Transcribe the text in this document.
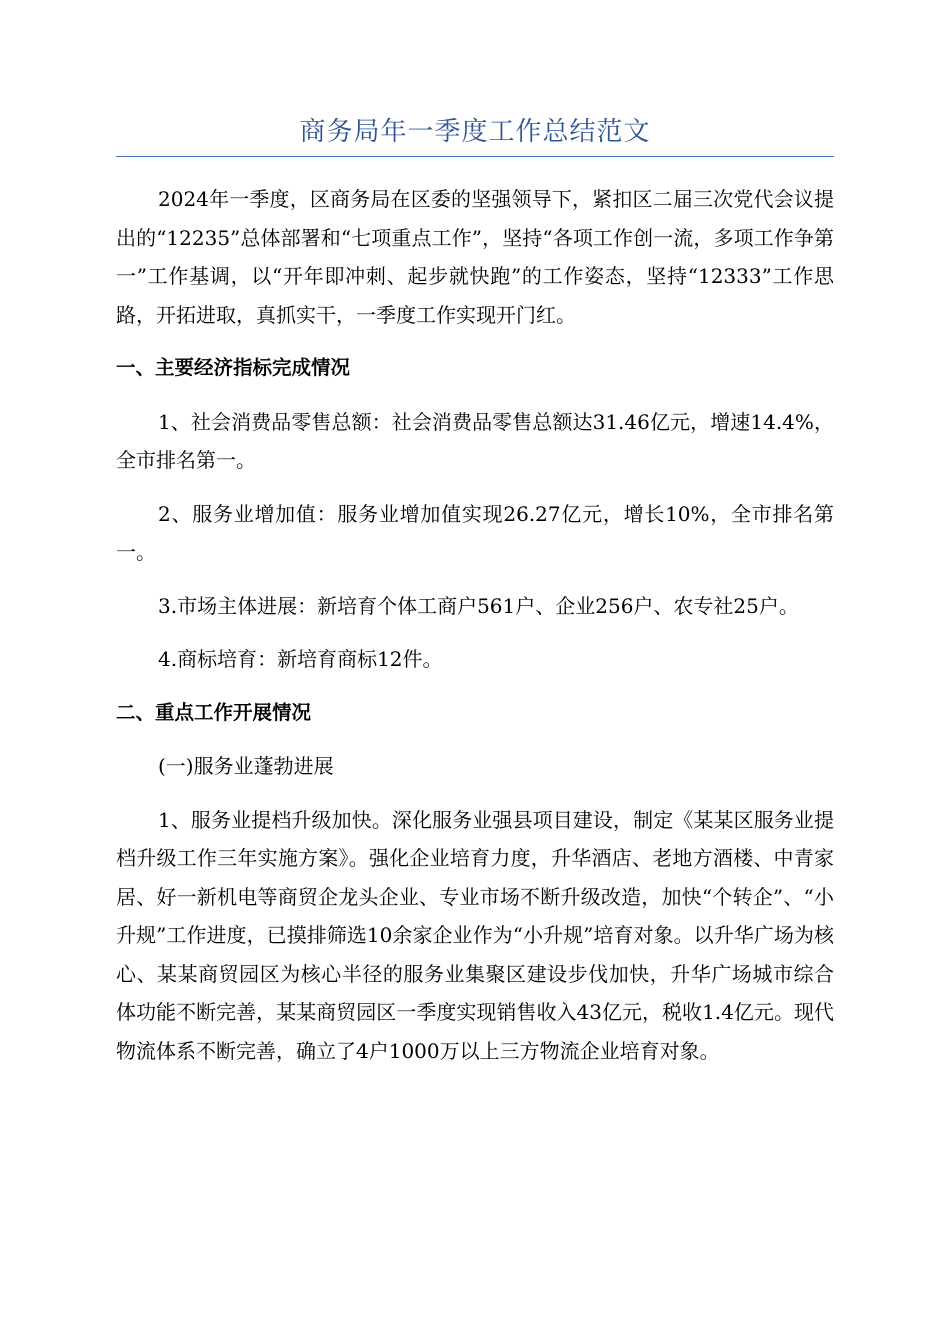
商务局年一季度工作总结范文

2024年一季度，区商务局在区委的坚强领导下，紧扣区二届三次党代会议提出的“12235”总体部署和“七项重点工作”，坚持“各项工作创一流，多项工作争第一”工作基调，以“开年即冲刺、起步就快跑”的工作姿态，坚持“12333”工作思路，开拓进取，真抓实干，一季度工作实现开门红。

一、主要经济指标完成情况

1、社会消费品零售总额：社会消费品零售总额达31.46亿元，增速14.4%，全市排名第一。

2、服务业增加值：服务业增加值实现26.27亿元，增长10%，全市排名第一。

3.市场主体进展：新培育个体工商户561户、企业256户、农专社25户。

4.商标培育：新培育商标12件。

二、重点工作开展情况

(一)服务业蓬勃进展

1、服务业提档升级加快。深化服务业强县项目建设，制定《某某区服务业提档升级工作三年实施方案》。强化企业培育力度，升华酒店、老地方酒楼、中青家居、好一新机电等商贸企龙头企业、专业市场不断升级改造，加快“个转企”、“小升规”工作进度，已摸排筛选10余家企业作为“小升规”培育对象。以升华广场为核心、某某商贸园区为核心半径的服务业集聚区建设步伐加快，升华广场城市综合体功能不断完善，某某商贸园区一季度实现销售收入43亿元，税收1.4亿元。现代物流体系不断完善，确立了4户1000万以上三方物流企业培育对象。
